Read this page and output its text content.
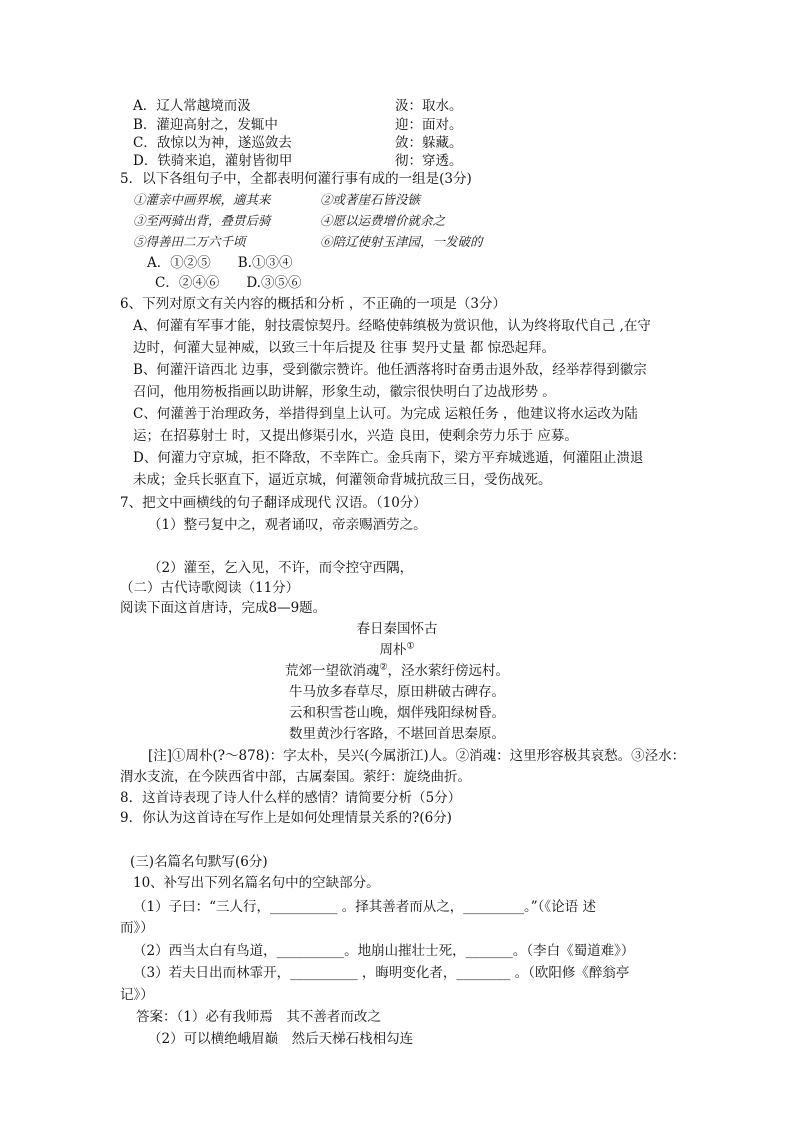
A．辽人常越境而汲	汲：取水。
B．灌迎高射之，发辄中	迎：面对。
C．敌惊以为神，遂巡敛去	敛：躲藏。
D．铁骑来追，灌射皆彻甲	彻：穿透。
5．以下各组句子中，全都表明何灌行事有成的一组是(3分)
①灌亲中画界堠，適其来	②或著崖石皆没镞
③至两骑出背，叠贯后骑	④愿以运费增价就余之
⑤得善田二万六千顷	⑥陪辽使射玉津园，一发破的
A．①②⑤　　B.①③④
C．②④⑥　　D.③⑤⑥
6、下列对原文有关内容的概括和分析 ，不正确的一项是（3分）
A、何灌有军事才能，射技震惊契丹。经略使韩缜极为赏识他，认为终将取代自己 ,在守
边时，何灌大显神威，以致三十年后提及 往事 契丹丈量 都 惊恐起拜。
B、何灌汗谙西北 边事，受到徽宗赞许。他任洒落将时奋勇击退外敌，经举荐得到徽宗
召问，他用笏板指画以助讲解，形象生动，徽宗很快明白了边战形势 。
C、何灌善于治理政务，举措得到皇上认可。为完成 运粮任务 ，他建议将水运改为陆
运；在招募射士 时，又提出修渠引水，兴造 良田，使剩余劳力乐于 应募。
D、何灌力守京城，拒不降敌，不幸阵亡。金兵南下，梁方平弃城逃遁，何灌阻止溃退
未成；金兵长驱直下，逼近京城，何灌领命背城抗敌三日，受伤战死。
7、把文中画横线的句子翻译成现代 汉语。（10分）
（1）整弓复中之，观者诵叹，帝亲赐酒劳之。
（2）灌至，乞入见，不许，而令控守西隅，
（二）古代诗歌阅读（11分）
阅读下面这首唐诗，完成8—9题。
春日秦国怀古
周朴①
荒郊一望欲消魂②，泾水萦纡傍远村。
牛马放多春草尽，原田耕破古碑存。
云和积雪苍山晚，烟伴残阳绿树昏。
数里黄沙行客路，不堪回首思秦原。
[注]①周朴(?～878)：字太朴，吴兴(今属浙江)人。②消魂：这里形容极其哀愁。③泾水：
渭水支流，在今陕西省中部，古属秦国。萦纡：旋绕曲折。
8．这首诗表现了诗人什么样的感情？请简要分析（5分）
9．你认为这首诗在写作上是如何处理情景关系的?(6分)
(三)名篇名句默写(6分)
10、补写出下列名篇名句中的空缺部分。
（1）子曰：“三人行，__________ 。择其善者而从之，_________。”（《论语 述
而》）
（2）西当太白有鸟道，__________。地崩山摧壮士死，_______。（李白《蜀道难》）
（3）若夫日出而林霏开，__________ ，晦明变化者，________ 。（欧阳修《醉翁亭
记》）
答案：（1）必有我师焉　其不善者而改之
（2）可以横绝峨眉巅　然后天梯石栈相勾连
